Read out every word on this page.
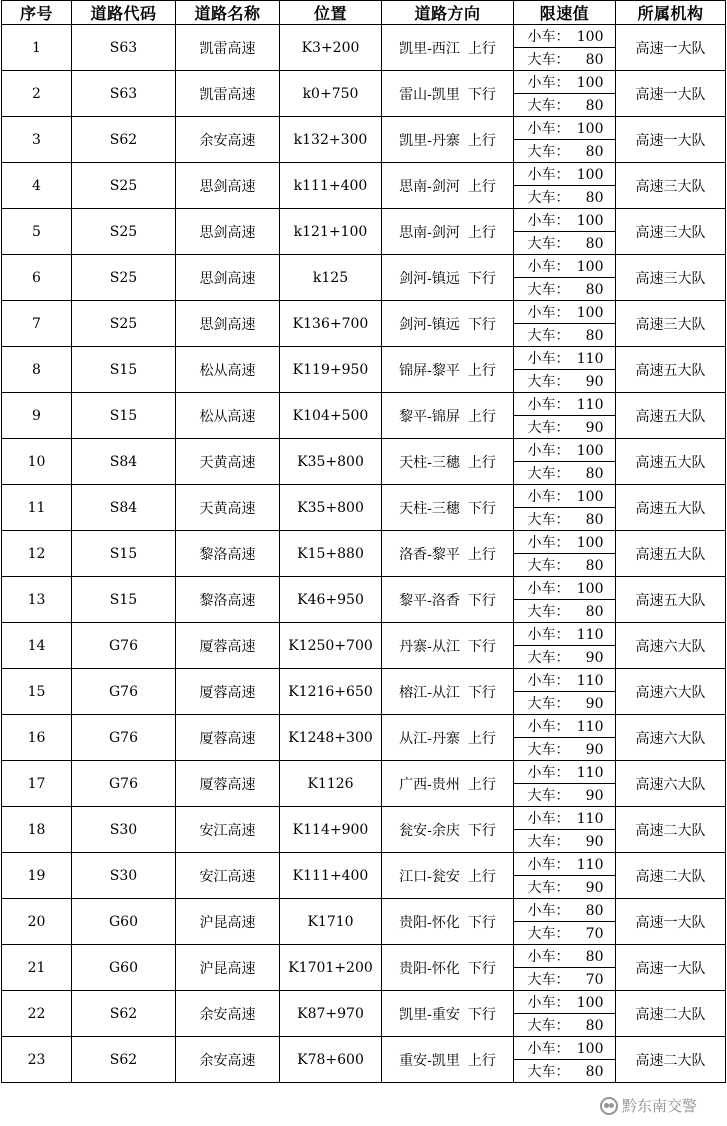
序号	道路代码	道路名称	位置	道路方向	限速值	所属机构
1	S63	凯雷高速	K3+200	凯里-西江 上行	小车： 100	高速一大队
					大车： 80	
2	S63	凯雷高速	k0+750	雷山-凯里 下行	小车： 100	高速一大队
					大车： 80	
3	S62	余安高速	k132+300	凯里-丹寨 上行	小车： 100	高速一大队
					大车： 80	
4	S25	思剑高速	k111+400	思南-剑河 上行	小车： 100	高速三大队
					大车： 80	
5	S25	思剑高速	k121+100	思南-剑河 上行	小车： 100	高速三大队
					大车： 80	
6	S25	思剑高速	k125	剑河-镇远 下行	小车： 100	高速三大队
					大车： 80	
7	S25	思剑高速	K136+700	剑河-镇远 下行	小车： 100	高速三大队
					大车： 80	
8	S15	松从高速	K119+950	锦屏-黎平 上行	小车： 110	高速五大队
					大车： 90	
9	S15	松从高速	K104+500	黎平-锦屏 上行	小车： 110	高速五大队
					大车： 90	
10	S84	天黄高速	K35+800	天柱-三穗 上行	小车： 100	高速五大队
					大车： 80	
11	S84	天黄高速	K35+800	天柱-三穗 下行	小车： 100	高速五大队
					大车： 80	
12	S15	黎洛高速	K15+880	洛香-黎平 上行	小车： 100	高速五大队
					大车： 80	
13	S15	黎洛高速	K46+950	黎平-洛香 下行	小车： 100	高速五大队
					大车： 80	
14	G76	厦蓉高速	K1250+700	丹寨-从江 下行	小车： 110	高速六大队
					大车： 90	
15	G76	厦蓉高速	K1216+650	榕江-从江 下行	小车： 110	高速六大队
					大车： 90	
16	G76	厦蓉高速	K1248+300	从江-丹寨 上行	小车： 110	高速六大队
					大车： 90	
17	G76	厦蓉高速	K1126	广西-贵州 上行	小车： 110	高速六大队
					大车： 90	
18	S30	安江高速	K114+900	瓮安-余庆 下行	小车： 110	高速二大队
					大车： 90	
19	S30	安江高速	K111+400	江口-瓮安 上行	小车： 110	高速二大队
					大车： 90	
20	G60	沪昆高速	K1710	贵阳-怀化 下行	小车： 80	高速一大队
					大车： 70	
21	G60	沪昆高速	K1701+200	贵阳-怀化 下行	小车： 80	高速一大队
					大车： 70	
22	S62	余安高速	K87+970	凯里-重安 下行	小车： 100	高速二大队
					大车： 80	
23	S62	余安高速	K78+600	重安-凯里 上行	小车： 100	高速二大队
					大车： 80	
黔东南交警
